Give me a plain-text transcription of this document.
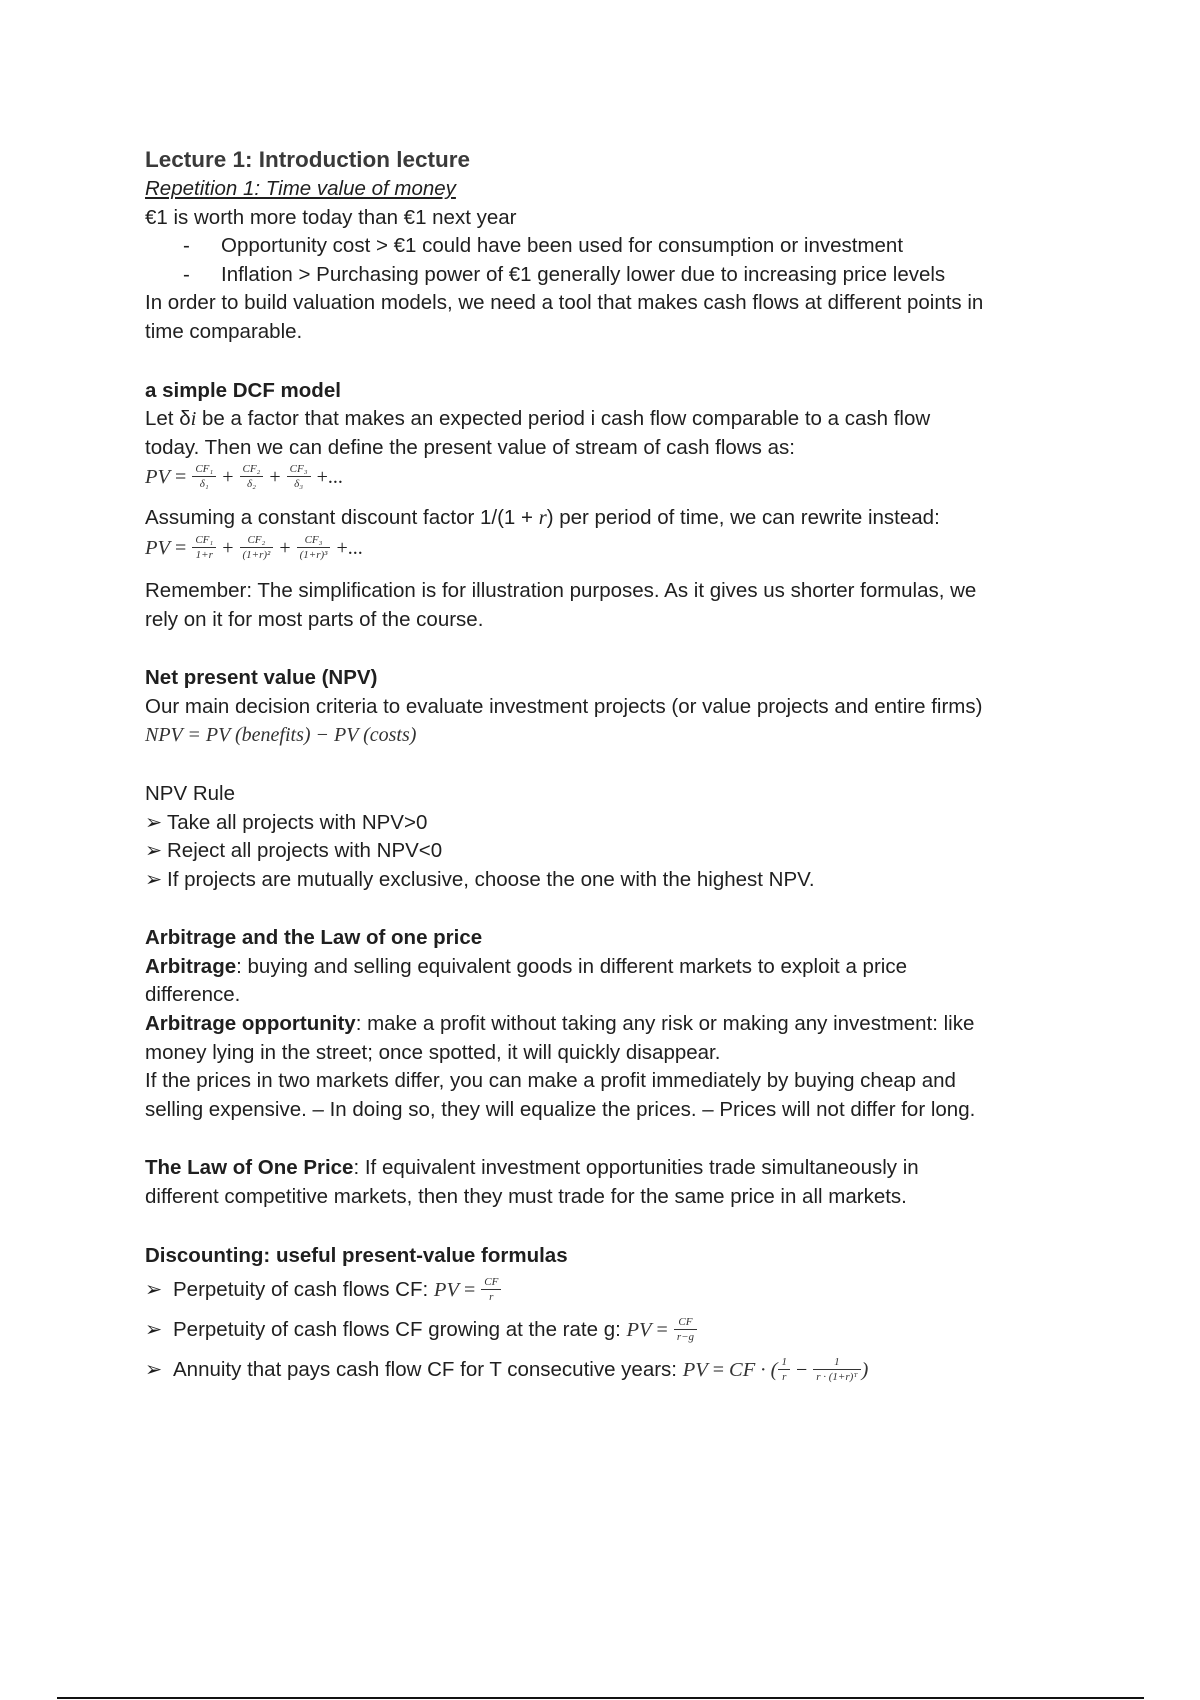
Lecture 1: Introduction lecture
Repetition 1: Time value of money
€1 is worth more today than €1 next year
- Opportunity cost > €1 could have been used for consumption or investment
- Inflation > Purchasing power of €1 generally lower due to increasing price levels
In order to build valuation models, we need a tool that makes cash flows at different points in
time comparable.
a simple DCF model
Let δi be a factor that makes an expected period i cash flow comparable to a cash flow
today. Then we can define the present value of stream of cash flows as:
PV = $\frac{\text{CF₁}}{\text{δ₁}} + \frac{\text{CF₂}}{\text{δ₂}} + \frac{\text{CF₃}}{\text{δ₃}}$ +...
Assuming a constant discount factor 1/(1 + r) per period of time, we can rewrite instead:
PV = $\frac{\text{CF₁}}{1+r} + \frac{\text{CF₂}}{\text{(1+r)²}} + \frac{\text{CF₃}}{\text{(1+r)³}}$ +...
Remember: The simplification is for illustration purposes. As it gives us shorter formulas, we
rely on it for most parts of the course.
Net present value (NPV)
Our main decision criteria to evaluate investment projects (or value projects and entire firms)
NPV = PV (benefits) − PV (costs)
NPV Rule
➢ Take all projects with NPV>0
➢ Reject all projects with NPV<0
➢ If projects are mutually exclusive, choose the one with the highest NPV.
Arbitrage and the Law of one price
Arbitrage: buying and selling equivalent goods in different markets to exploit a price
difference.
Arbitrage opportunity: make a profit without taking any risk or making any investment: like
money lying in the street; once spotted, it will quickly disappear.
If the prices in two markets differ, you can make a profit immediately by buying cheap and
selling expensive. – In doing so, they will equalize the prices. – Prices will not differ for long.
The Law of One Price: If equivalent investment opportunities trade simultaneously in
different competitive markets, then they must trade for the same price in all markets.
Discounting: useful present-value formulas
➢ Perpetuity of cash flows CF:
PV = $\frac{CF}{r}$
➢ Perpetuity of cash flows CF growing at the rate g:
PV = $\frac{CF}{r-g}$
➢ Annuity that pays cash flow CF for T consecutive years:
PV = CF · ( $\frac{1}{r} - \frac{1}{\text{r · (1+r)ᵀ}}$ )
